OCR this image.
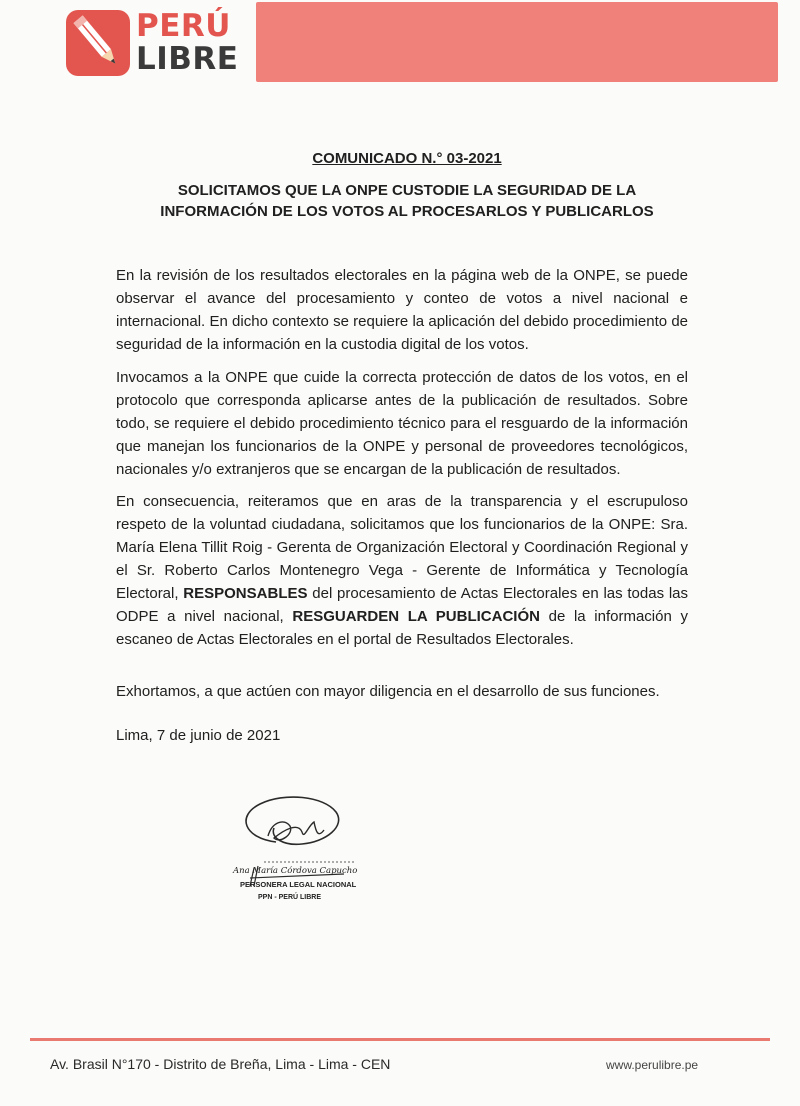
PERÚ
LIBRE
COMUNICADO N.° 03-2021
SOLICITAMOS QUE LA ONPE CUSTODIE LA SEGURIDAD DE LA
INFORMACIÓN DE LOS VOTOS AL PROCESARLOS Y PUBLICARLOS
En la revisión de los resultados electorales en la página web de la ONPE, se puede observar el avance del procesamiento y conteo de votos a nivel nacional e internacional. En dicho contexto se requiere la aplicación del debido procedimiento de seguridad de la información en la custodia digital de los votos.
Invocamos a la ONPE que cuide la correcta protección de datos de los votos, en el protocolo que corresponda aplicarse antes de la publicación de resultados. Sobre todo, se requiere el debido procedimiento técnico para el resguardo de la información que manejan los funcionarios de la ONPE y personal de proveedores tecnológicos, nacionales y/o extranjeros que se encargan de la publicación de resultados.
En consecuencia, reiteramos que en aras de la transparencia y el escrupuloso respeto de la voluntad ciudadana, solicitamos que los funcionarios de la ONPE: Sra. María Elena Tillit Roig - Gerenta de Organización Electoral y Coordinación Regional y el Sr. Roberto Carlos Montenegro Vega - Gerente de Informática y Tecnología Electoral, RESPONSABLES del procesamiento de Actas Electorales en las todas las ODPE a nivel nacional, RESGUARDEN LA PUBLICACIÓN de la información y escaneo de Actas Electorales en el portal de Resultados Electorales.
Exhortamos, a que actúen con mayor diligencia en el desarrollo de sus funciones.
Lima, 7 de junio de 2021
Ana María Córdova Capucho
PERSONERA LEGAL NACIONAL
PPN - PERÚ LIBRE
Av. Brasil N°170 - Distrito de Breña, Lima - Lima - CEN	www.perulibre.pe
